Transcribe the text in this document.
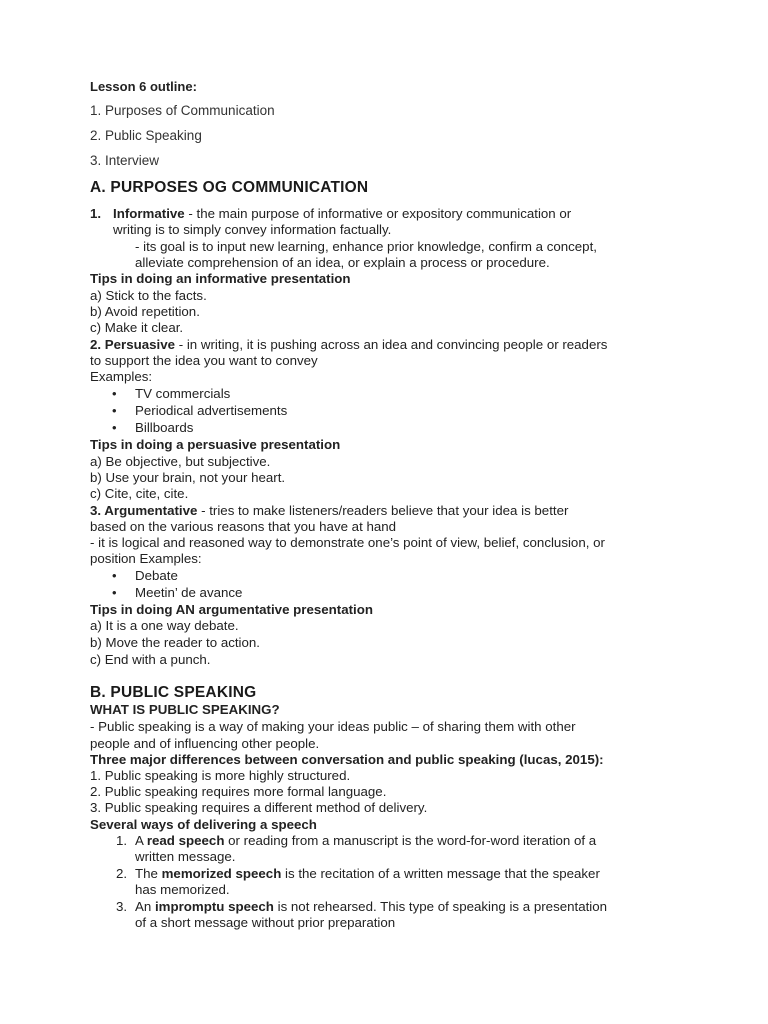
Lesson 6 outline:
1. Purposes of Communication
2. Public Speaking
3. Interview
A. PURPOSES OG COMMUNICATION
1. Informative - the main purpose of informative or expository communication or
writing is to simply convey information factually.
- its goal is to input new learning, enhance prior knowledge, confirm a concept,
alleviate comprehension of an idea, or explain a process or procedure.
Tips in doing an informative presentation
a) Stick to the facts.
b) Avoid repetition.
c) Make it clear.
2. Persuasive - in writing, it is pushing across an idea and convincing people or readers
to support the idea you want to convey
Examples:
• TV commercials
• Periodical advertisements
• Billboards
Tips in doing a persuasive presentation
a) Be objective, but subjective.
b) Use your brain, not your heart.
c) Cite, cite, cite.
3. Argumentative - tries to make listeners/readers believe that your idea is better
based on the various reasons that you have at hand
- it is logical and reasoned way to demonstrate one’s point of view, belief, conclusion, or
position Examples:
• Debate
• Meetin’ de avance
Tips in doing AN argumentative presentation
a) It is a one way debate.
b) Move the reader to action.
c) End with a punch.
B. PUBLIC SPEAKING
WHAT IS PUBLIC SPEAKING?
- Public speaking is a way of making your ideas public – of sharing them with other
people and of influencing other people.
Three major differences between conversation and public speaking (lucas, 2015):
1. Public speaking is more highly structured.
2. Public speaking requires more formal language.
3. Public speaking requires a different method of delivery.
Several ways of delivering a speech
1. A read speech or reading from a manuscript is the word-for-word iteration of a
written message.
2. The memorized speech is the recitation of a written message that the speaker
has memorized.
3. An impromptu speech is not rehearsed. This type of speaking is a presentation
of a short message without prior preparation
